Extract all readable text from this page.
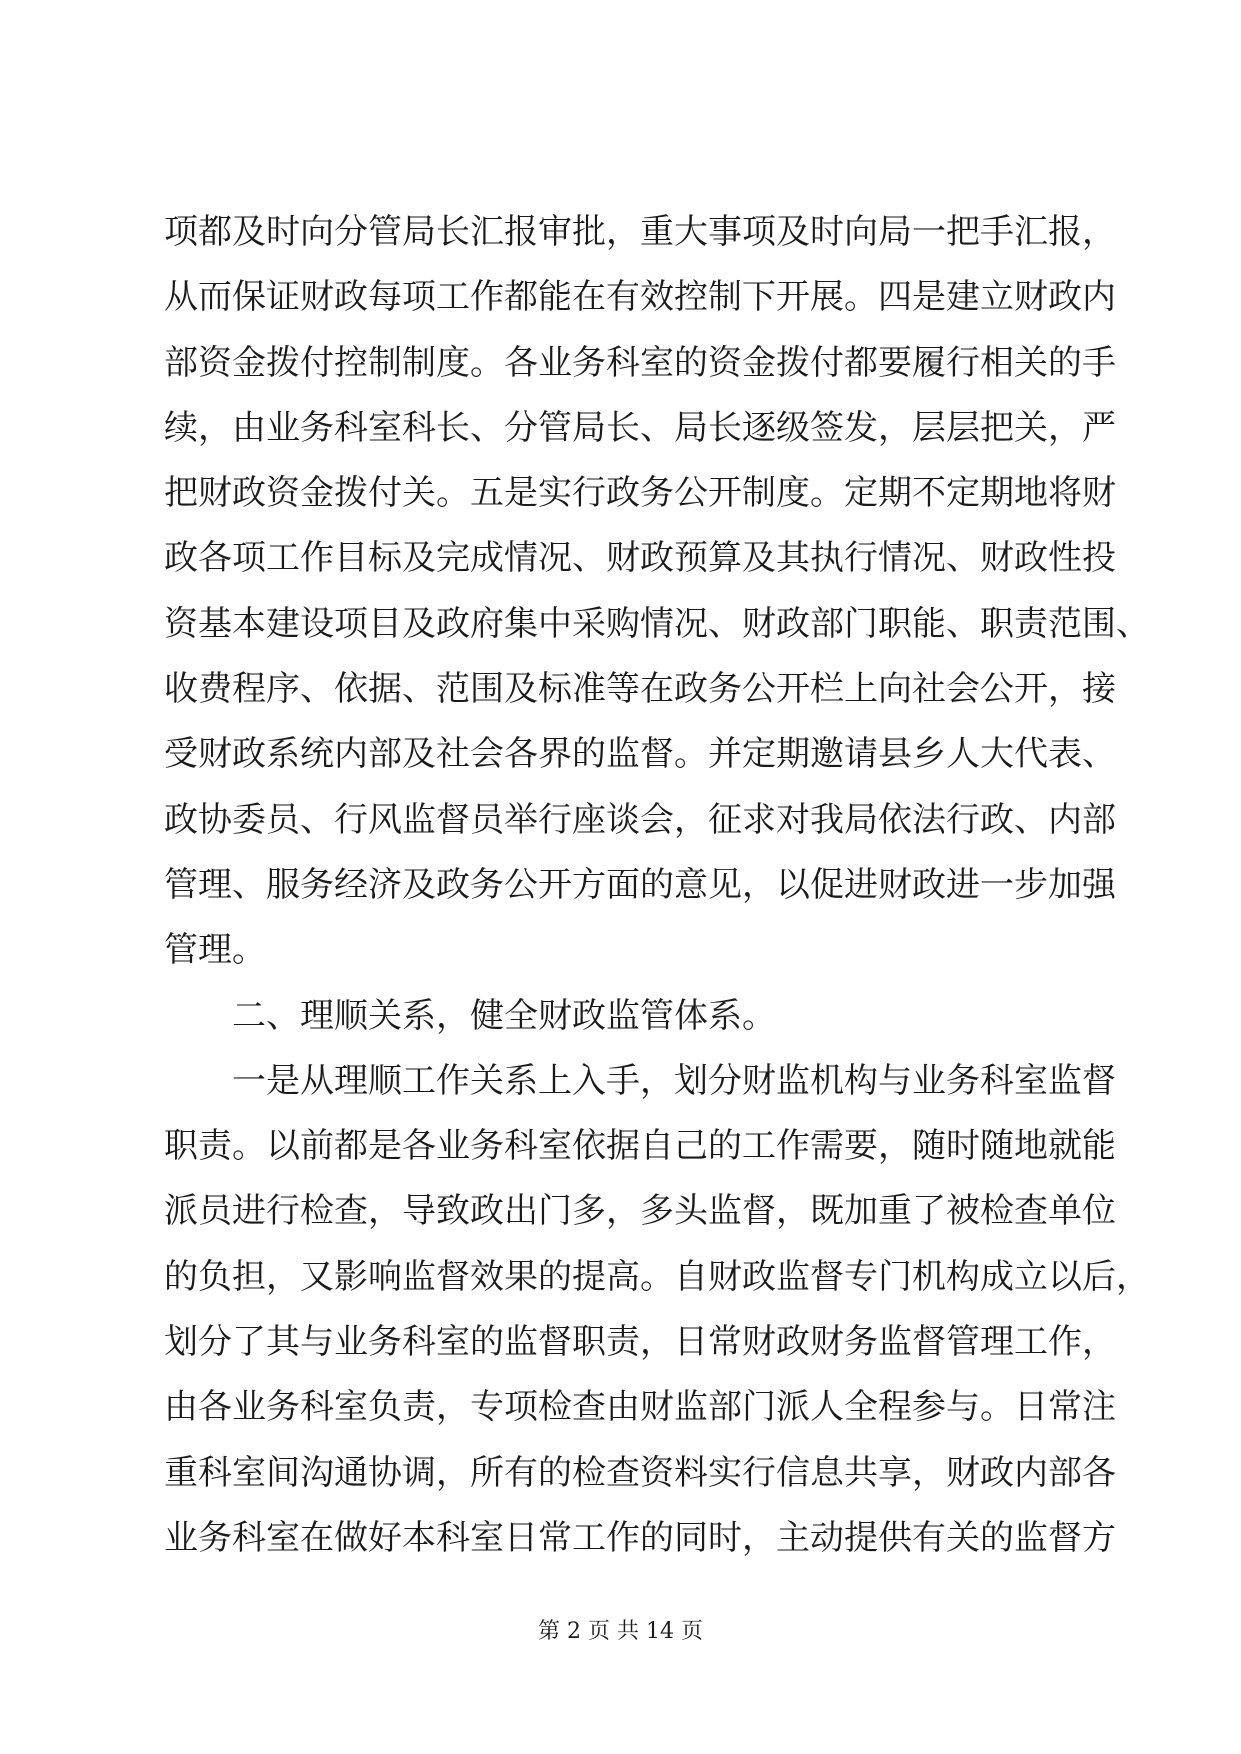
项都及时向分管局长汇报审批，重大事项及时向局一把手汇报，
从而保证财政每项工作都能在有效控制下开展。四是建立财政内
部资金拨付控制制度。各业务科室的资金拨付都要履行相关的手
续，由业务科室科长、分管局长、局长逐级签发，层层把关，严
把财政资金拨付关。五是实行政务公开制度。定期不定期地将财
政各项工作目标及完成情况、财政预算及其执行情况、财政性投
资基本建设项目及政府集中采购情况、财政部门职能、职责范围、
收费程序、依据、范围及标准等在政务公开栏上向社会公开，接
受财政系统内部及社会各界的监督。并定期邀请县乡人大代表、
政协委员、行风监督员举行座谈会，征求对我局依法行政、内部
管理、服务经济及政务公开方面的意见，以促进财政进一步加强
管理。
二、理顺关系，健全财政监管体系。
一是从理顺工作关系上入手，划分财监机构与业务科室监督
职责。以前都是各业务科室依据自己的工作需要，随时随地就能
派员进行检查，导致政出门多，多头监督，既加重了被检查单位
的负担，又影响监督效果的提高。自财政监督专门机构成立以后，
划分了其与业务科室的监督职责，日常财政财务监督管理工作，
由各业务科室负责，专项检查由财监部门派人全程参与。日常注
重科室间沟通协调，所有的检查资料实行信息共享，财政内部各
业务科室在做好本科室日常工作的同时，主动提供有关的监督方
第 2 页 共 14 页
